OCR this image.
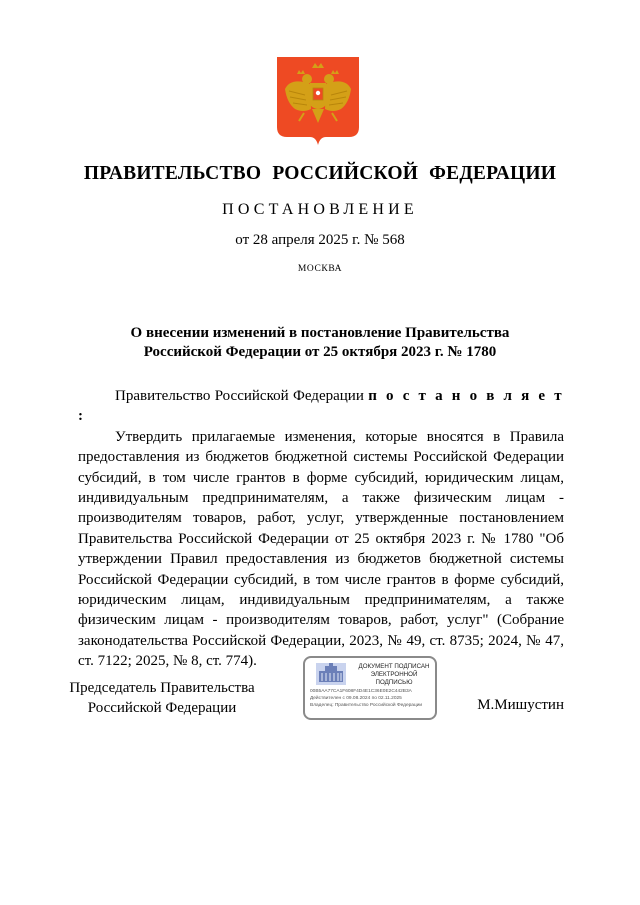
ПРАВИТЕЛЬСТВО РОССИЙСКОЙ ФЕДЕРАЦИИ
ПОСТАНОВЛЕНИЕ
от 28 апреля 2025 г. № 568
МОСКВА
О внесении изменений в постановление Правительства
Российской Федерации от 25 октября 2023 г. № 1780

Правительство Российской Федерации п о с т а н о в л я е т :

Утвердить прилагаемые изменения, которые вносятся в Правила предоставления из бюджетов бюджетной системы Российской Федерации субсидий, в том числе грантов в форме субсидий, юридическим лицам, индивидуальным предпринимателям, а также физическим лицам - производителям товаров, работ, услуг, утвержденные постановлением Правительства Российской Федерации от 25 октября 2023 г. № 1780 "Об утверждении Правил предоставления из бюджетов бюджетной системы Российской Федерации субсидий, в том числе грантов в форме субсидий, юридическим лицам, индивидуальным предпринимателям, а также физическим лицам - производителям товаров, работ, услуг" (Собрание законодательства Российской Федерации, 2023, № 49, ст. 8735; 2024, № 47, ст. 7122; 2025, № 8, ст. 774).

Председатель Правительства
Российской Федерации
ДОКУМЕНТ ПОДПИСАН
ЭЛЕКТРОННОЙ ПОДПИСЬЮ
00B5AA77CA1F608F4D4E1C36E0E2C442B3A
Действителен с 09.08.2024 по 02.11.2025
Владелец: Правительство Российской Федерации	М.Мишустин
